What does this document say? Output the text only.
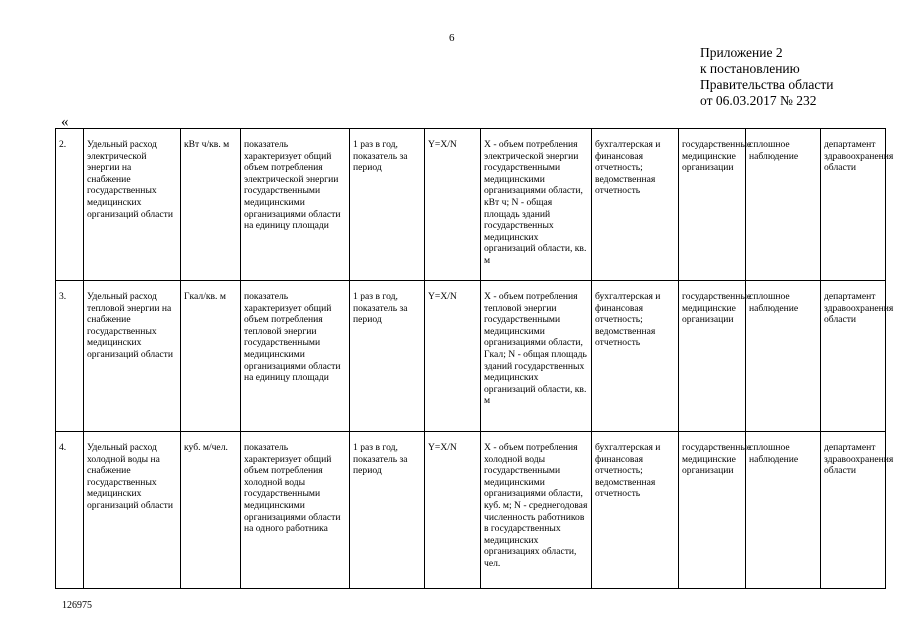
6
Приложение 2
к постановлению
Правительства области
от 06.03.2017 № 232
«
2.	Удельный расход электрической энергии на снабжение государственных медицинских организаций области	кВт ч/кв. м	показатель характеризует общий объем потребления электрической энергии государственными медицинскими организациями области на единицу площади	1 раз в год, показатель за период	Y=X/N	X - объем потребления электрической энергии государственными медицинскими организациями области, кВт ч; N - общая площадь зданий государственных медицинских организаций области, кв. м	бухгалтерская и финансовая отчетность; ведомственная отчетность	государственные медицинские организации	сплошное наблюдение	департамент здравоохранения области
3.	Удельный расход тепловой энергии на снабжение государственных медицинских организаций области	Гкал/кв. м	показатель характеризует общий объем потребления тепловой энергии государственными медицинскими организациями области на единицу площади	1 раз в год, показатель за период	Y=X/N	X - объем потребления тепловой энергии государственными медицинскими организациями области, Гкал; N - общая площадь зданий государственных медицинских организаций области, кв. м	бухгалтерская и финансовая отчетность; ведомственная отчетность	государственные медицинские организации	сплошное наблюдение	департамент здравоохранения области
4.	Удельный расход холодной воды на снабжение государственных медицинских организаций области	куб. м/чел.	показатель характеризует общий объем потребления холодной воды государственными медицинскими организациями области на одного работника	1 раз в год, показатель за период	Y=X/N	X - объем потребления холодной воды государственными медицинскими организациями области, куб. м; N - среднегодовая численность работников в государственных медицинских организациях области, чел.	бухгалтерская и финансовая отчетность; ведомственная отчетность	государственные медицинские организации	сплошное наблюдение	департамент здравоохранения области
126975
